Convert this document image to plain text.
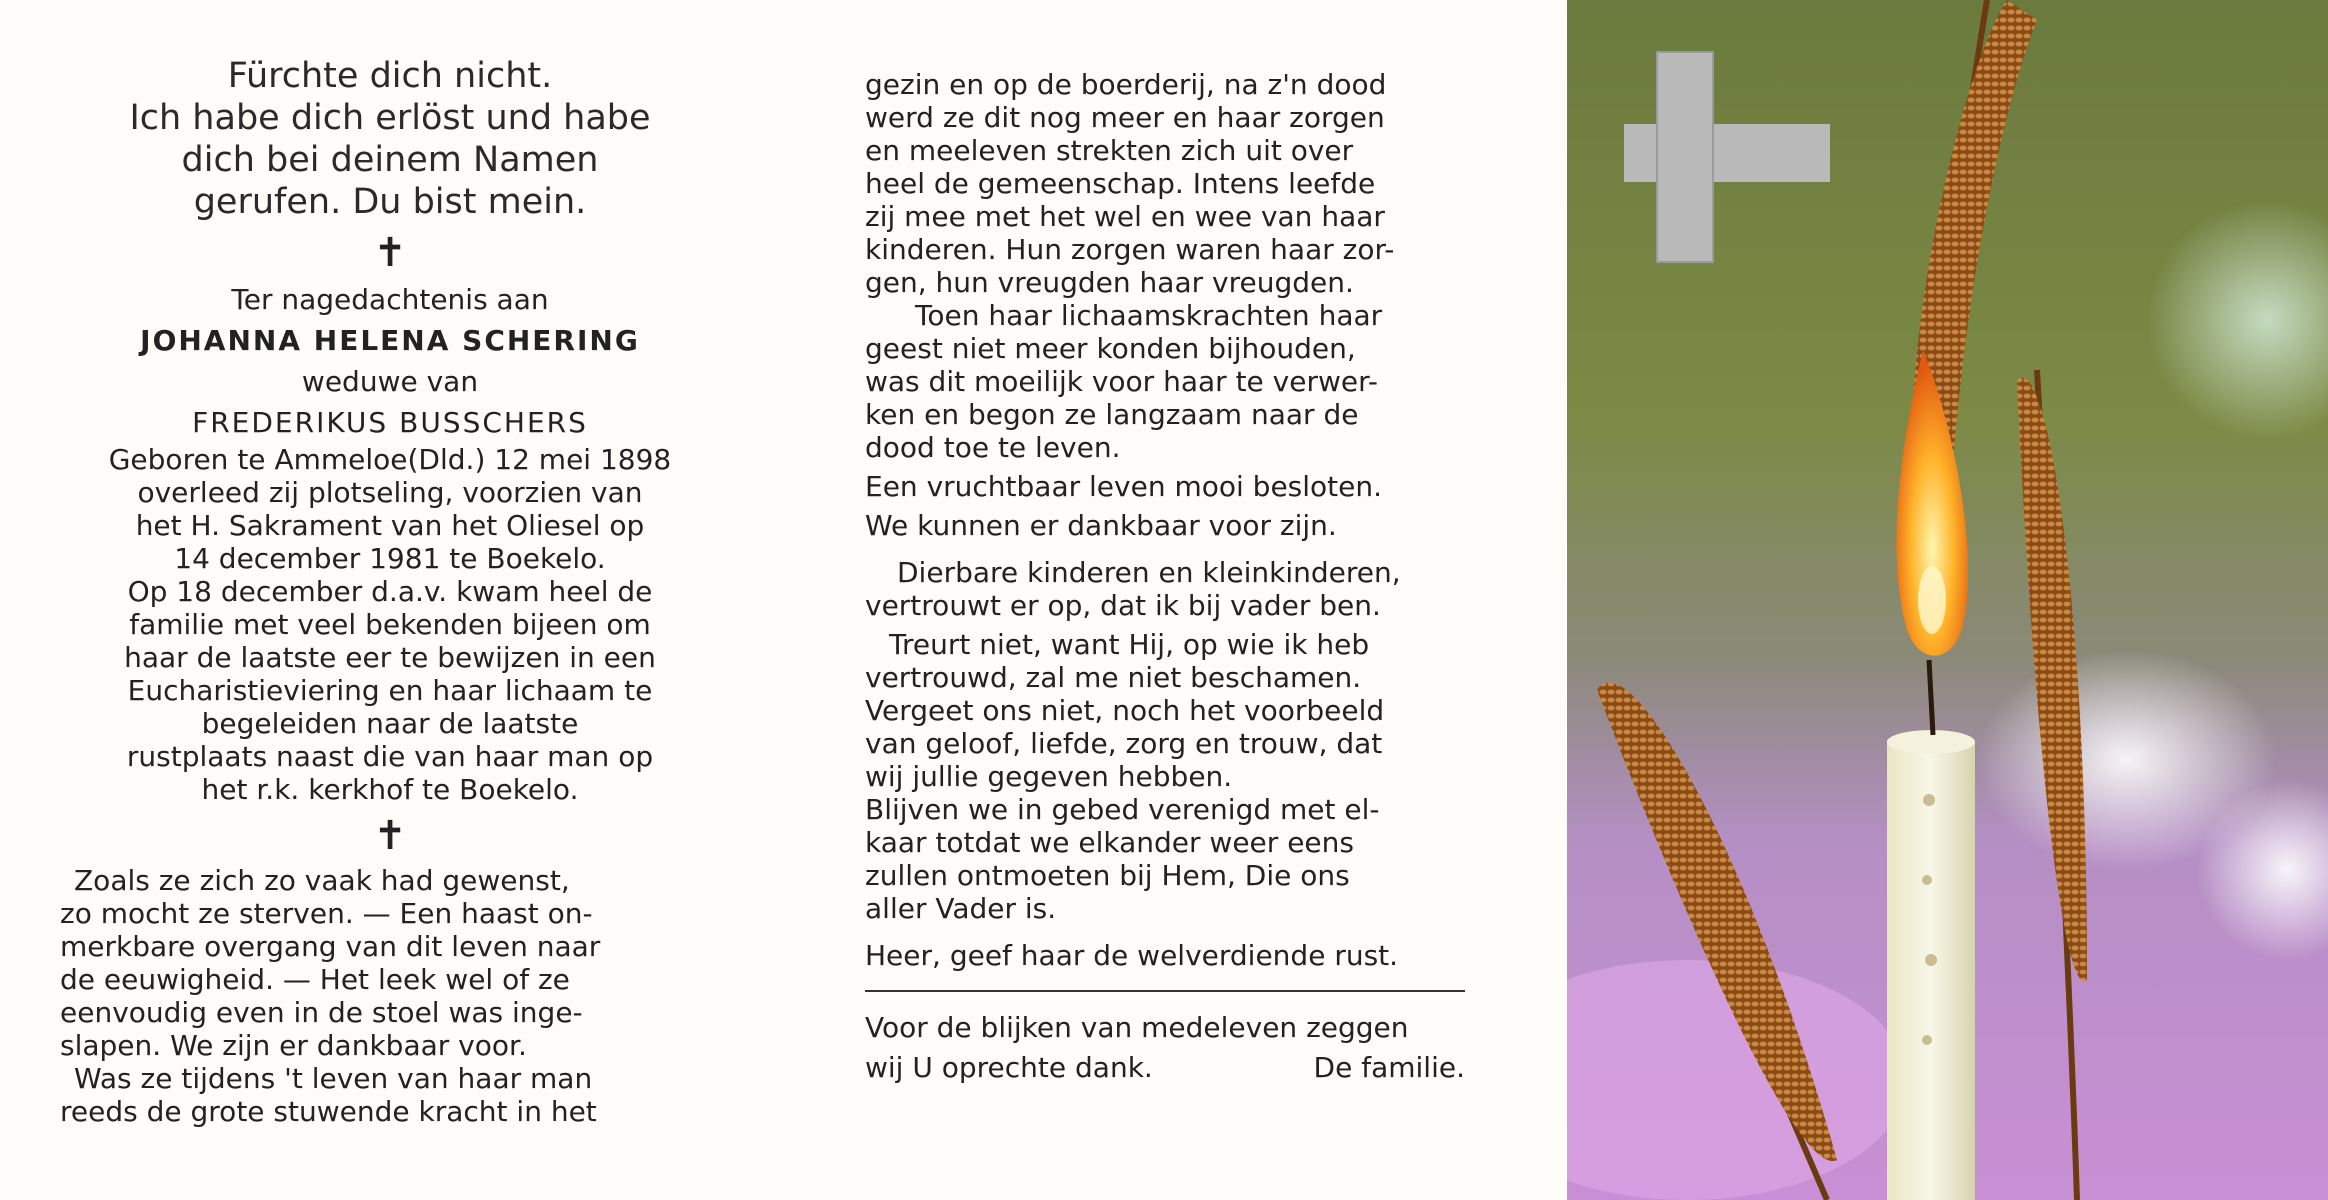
Fürchte dich nicht.
Ich habe dich erlöst und habe
dich bei deinem Namen
gerufen. Du bist mein.

✝

Ter nagedachtenis aan

JOHANNA HELENA SCHERING

weduwe van

FREDERIKUS BUSSCHERS

Geboren te Ammeloe(Dld.) 12 mei 1898
overleed zij plotseling, voorzien van
het H. Sakrament van het Oliesel op
14 december 1981 te Boekelo.

Op 18 december d.a.v. kwam heel de
familie met veel bekenden bijeen om
haar de laatste eer te bewijzen in een
Eucharistieviering en haar lichaam te
begeleiden naar de laatste
rustplaats naast die van haar man op
het r.k. kerkhof te Boekelo.

✝

Zoals ze zich zo vaak had gewenst,
zo mocht ze sterven. — Een haast on-
merkbare overgang van dit leven naar
de eeuwigheid. — Het leek wel of ze
eenvoudig even in de stoel was inge-
slapen. We zijn er dankbaar voor.

Was ze tijdens 't leven van haar man
reeds de grote stuwende kracht in het

gezin en op de boerderij, na z'n dood
werd ze dit nog meer en haar zorgen
en meeleven strekten zich uit over
heel de gemeenschap. Intens leefde
zij mee met het wel en wee van haar
kinderen. Hun zorgen waren haar zor-
gen, hun vreugden haar vreugden.

Toen haar lichaamskrachten haar
geest niet meer konden bijhouden,
was dit moeilijk voor haar te verwer-
ken en begon ze langzaam naar de
dood toe te leven.

Een vruchtbaar leven mooi besloten.

We kunnen er dankbaar voor zijn.

Dierbare kinderen en kleinkinderen,
vertrouwt er op, dat ik bij vader ben.

Treurt niet, want Hij, op wie ik heb
vertrouwd, zal me niet beschamen.
Vergeet ons niet, noch het voorbeeld
van geloof, liefde, zorg en trouw, dat
wij jullie gegeven hebben.
Blijven we in gebed verenigd met el-
kaar totdat we elkander weer eens
zullen ontmoeten bij Hem, Die ons
aller Vader is.

Heer, geef haar de welverdiende rust.

Voor de blijken van medeleven zeggen

wij U oprechte dank.	De familie.
